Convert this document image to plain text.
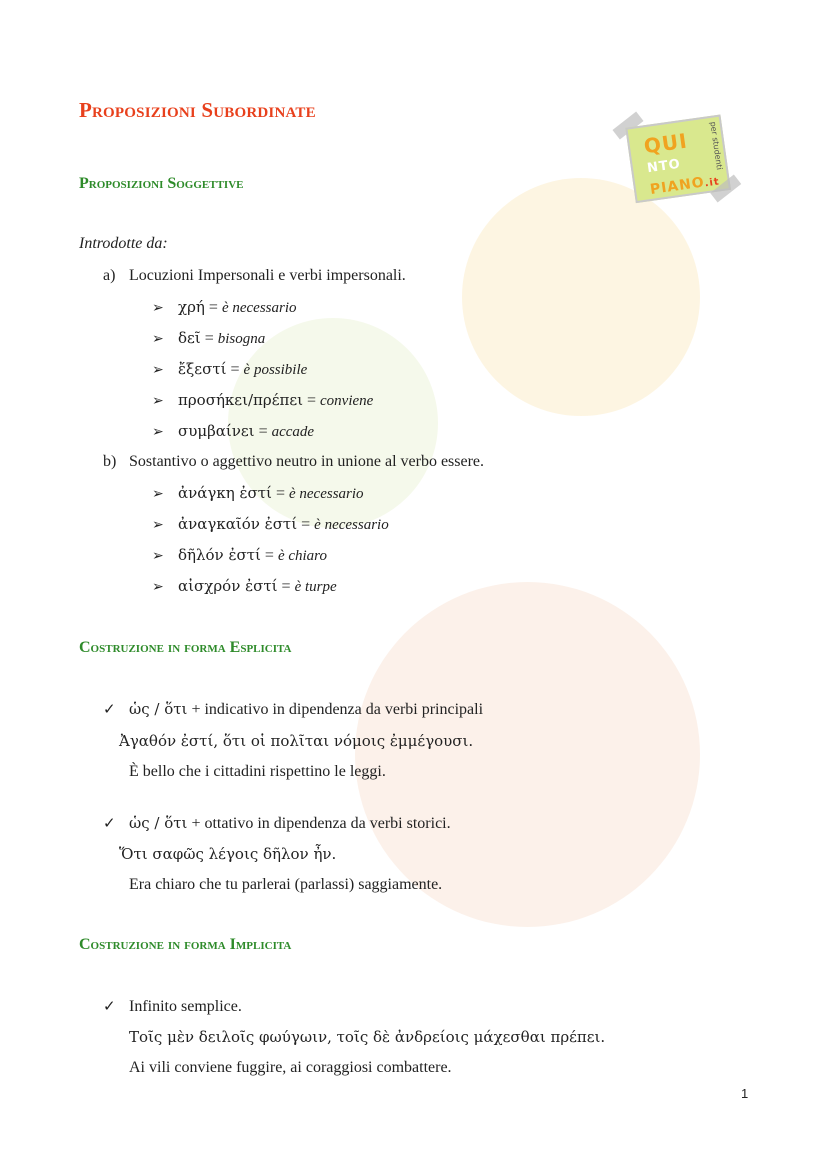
QUI
NTO
PIANO.it
per studenti
Proposizioni Subordinate
Proposizioni Soggettive
Introdotte da:
a) Locuzioni Impersonali e verbi impersonali.
➢ χρή = è necessario
➢ δεῖ = bisogna
➢ ἔξεστί = è possibile
➢ προσήκει/πρέπει = conviene
➢ συμβαίνει = accade
b) Sostantivo o aggettivo neutro in unione al verbo essere.
➢ ἀνάγκη ἐστί = è necessario
➢ ἀναγκαῖόν ἐστί = è necessario
➢ δῆλόν ἐστί = è chiaro
➢ αἰσχρόν ἐστί = è turpe
Costruzione in forma Esplicita
✓ ὡς / ὅτι + indicativo in dipendenza da verbi principali
Ἀγαθόν ἐστί, ὅτι οἱ πολῖται νόμοις ἐμμέγουσι.
È bello che i cittadini rispettino le leggi.
✓ ὡς / ὅτι + ottativo in dipendenza da verbi storici.
Ὅτι σαφῶς λέγοις δῆλον ἦν.
Era chiaro che tu parlerai (parlassi) saggiamente.
Costruzione in forma Implicita
✓ Infinito semplice.
Τοῖς μὲν δειλοῖς φωύγωιν, τοῖς δὲ ἀνδρείοις μάχεσθαι πρέπει.
Ai vili conviene fuggire, ai coraggiosi combattere.
1
